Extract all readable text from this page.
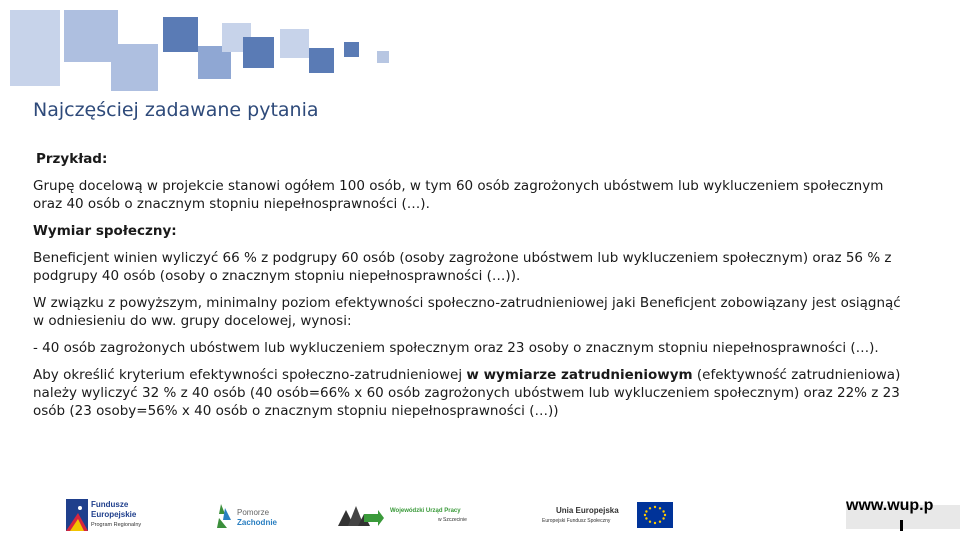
Najczęściej zadawane pytania

Przykład:

Grupę docelową w projekcie stanowi ogółem 100 osób, w tym 60 osób zagrożonych ubóstwem lub wykluczeniem społecznym oraz 40 osób o znacznym stopniu niepełnosprawności (…).

Wymiar społeczny:

Beneficjent winien wyliczyć 66 % z podgrupy 60 osób (osoby zagrożone ubóstwem lub wykluczeniem społecznym) oraz 56 % z podgrupy 40 osób (osoby o znacznym stopniu niepełnosprawności (…)).

W związku z powyższym, minimalny poziom efektywności społeczno-zatrudnieniowej jaki Beneficjent zobowiązany jest osiągnąć w odniesieniu do ww. grupy docelowej, wynosi:

- 40 osób zagrożonych ubóstwem lub wykluczeniem społecznym oraz 23 osoby o znacznym stopniu niepełnosprawności (…).

Aby określić kryterium efektywności społeczno-zatrudnieniowej w wymiarze zatrudnieniowym (efektywność zatrudnieniowa) należy wyliczyć 32 % z 40 osób (40 osób=66% x 60 osób zagrożonych ubóstwem lub wykluczeniem społecznym) oraz 22% z 23 osób (23 osoby=56% x 40 osób o znacznym stopniu niepełnosprawności (…))

Fundusze
Europejskie
Program Regionalny
Pomorze
Zachodnie
Wojewódzki Urząd Pracy
w Szczecinie
Unia Europejska
Europejski Fundusz Społeczny
www.wup.p
